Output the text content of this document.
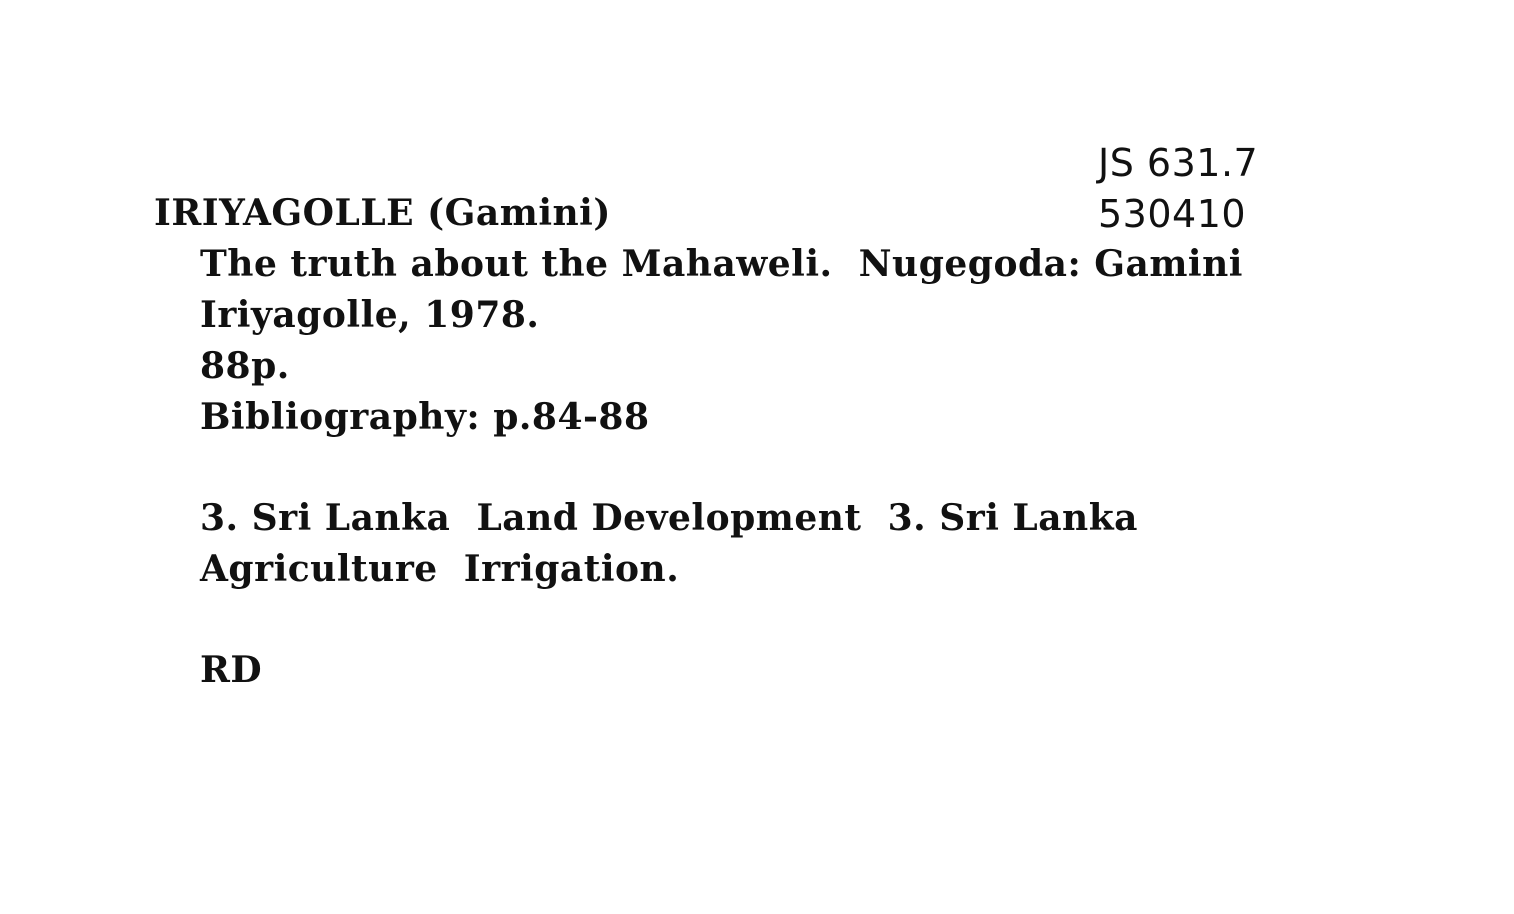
JS 631.7
530410
IRIYAGOLLE (Gamini)
The truth about the Mahaweli.  Nugegoda: Gamini
Iriyagolle, 1978.
88p.
Bibliography: p.84-88
3. Sri Lanka  Land Development  3. Sri Lanka
Agriculture  Irrigation.
RD
